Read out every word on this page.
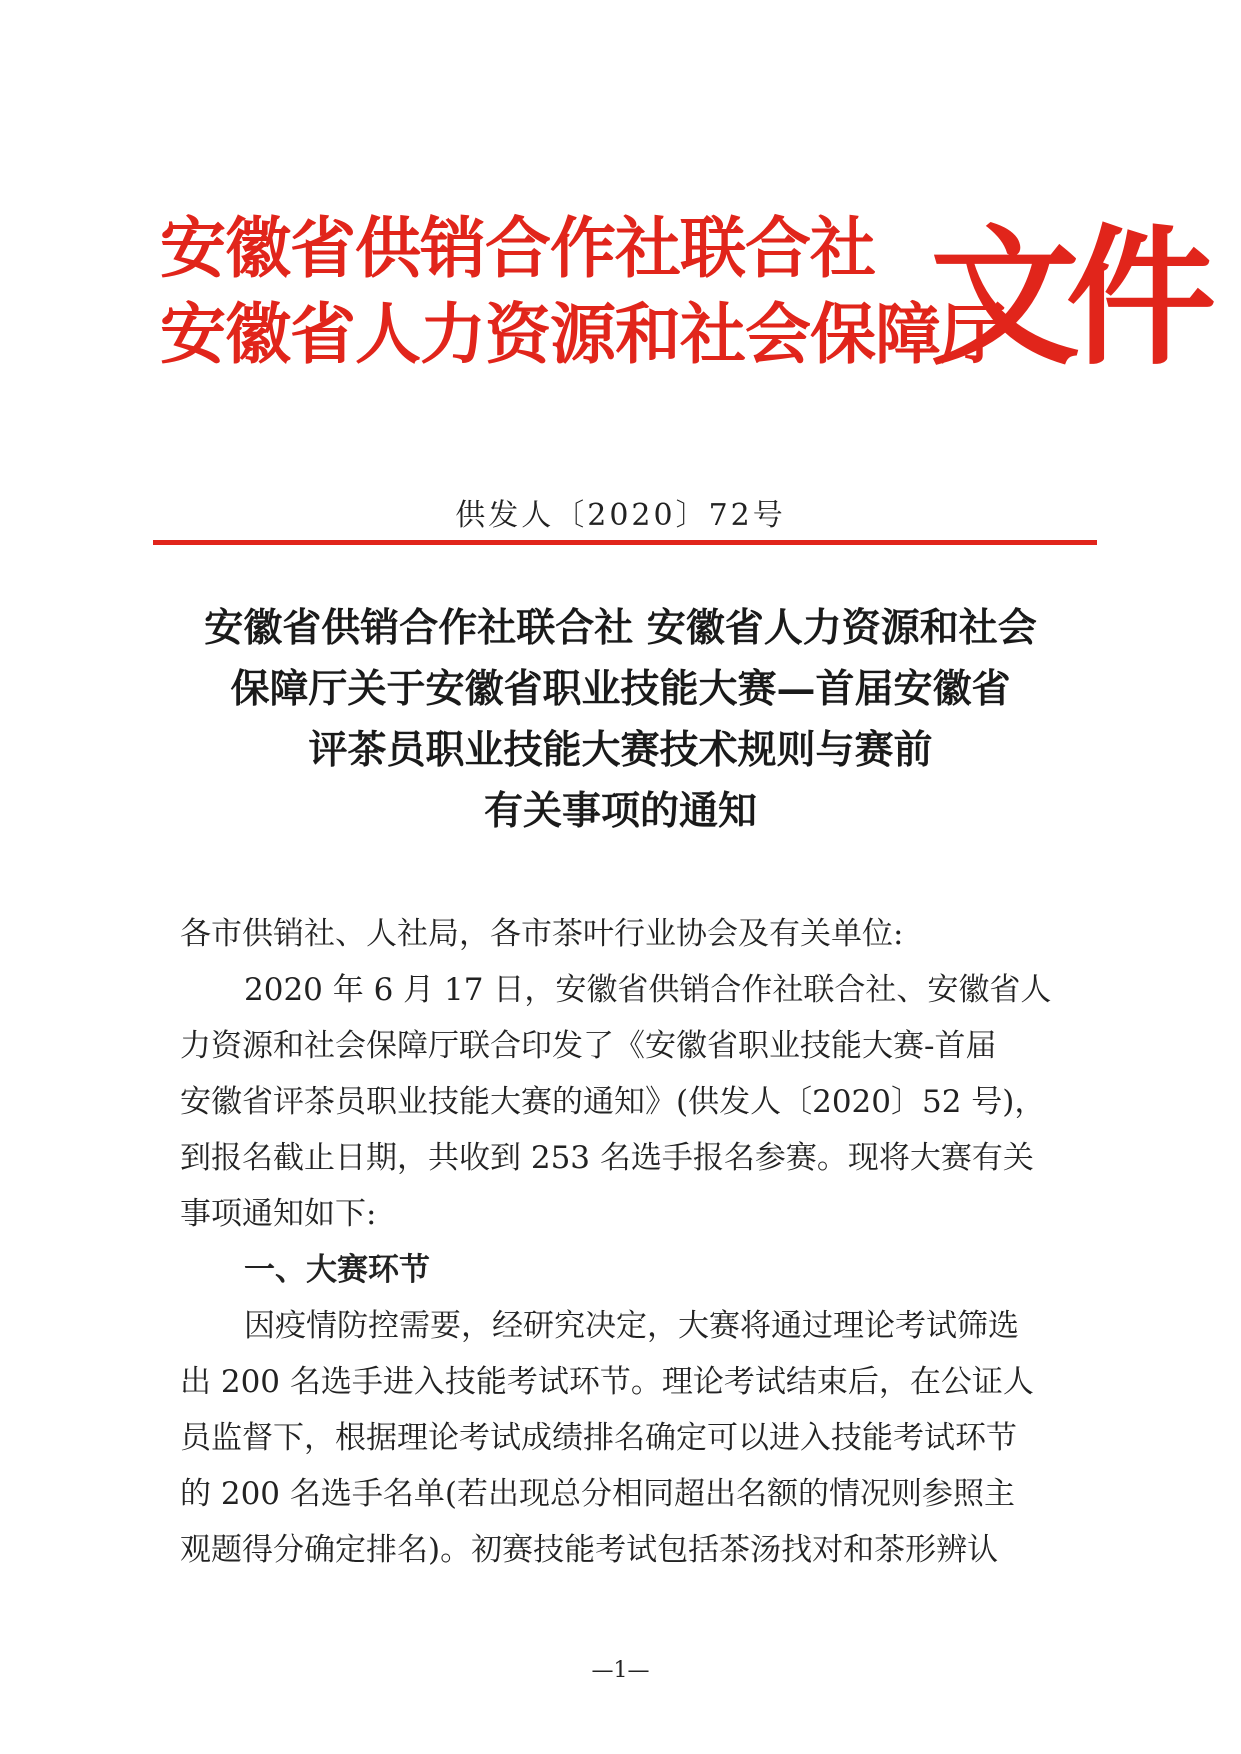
安徽省供销合作社联合社
安徽省人力资源和社会保障厅
文件
供发人〔2020〕72号
安徽省供销合作社联合社 安徽省人力资源和社会
保障厅关于安徽省职业技能大赛—首届安徽省
评茶员职业技能大赛技术规则与赛前
有关事项的通知
各市供销社、人社局，各市茶叶行业协会及有关单位:
2020 年 6 月 17 日，安徽省供销合作社联合社、安徽省人
力资源和社会保障厅联合印发了《安徽省职业技能大赛-首届
安徽省评茶员职业技能大赛的通知》(供发人〔2020〕52 号)，
到报名截止日期，共收到 253 名选手报名参赛。现将大赛有关
事项通知如下:
一、大赛环节
因疫情防控需要，经研究决定，大赛将通过理论考试筛选
出 200 名选手进入技能考试环节。理论考试结束后，在公证人
员监督下，根据理论考试成绩排名确定可以进入技能考试环节
的 200 名选手名单(若出现总分相同超出名额的情况则参照主
观题得分确定排名)。初赛技能考试包括茶汤找对和茶形辨认
—1—
